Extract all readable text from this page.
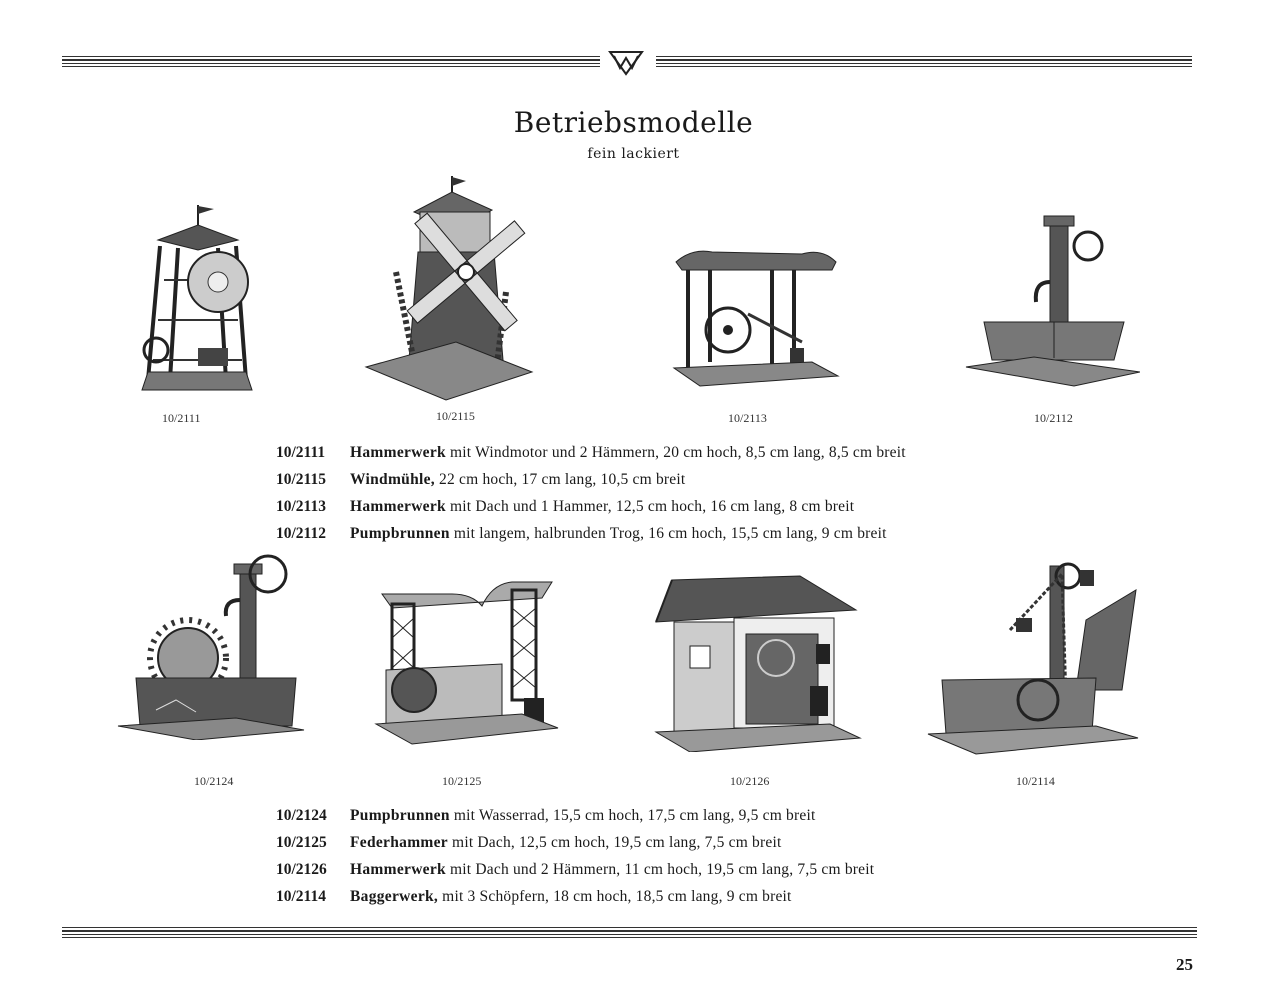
Betriebsmodelle
fein lackiert
10/2111	10/2115	10/2113	10/2112
10/2111 Hammerwerk mit Windmotor und 2 Hämmern, 20 cm hoch, 8,5 cm lang, 8,5 cm breit
10/2115 Windmühle, 22 cm hoch, 17 cm lang, 10,5 cm breit
10/2113 Hammerwerk mit Dach und 1 Hammer, 12,5 cm hoch, 16 cm lang, 8 cm breit
10/2112 Pumpbrunnen mit langem, halbrunden Trog, 16 cm hoch, 15,5 cm lang, 9 cm breit
10/2124	10/2125	10/2126	10/2114
10/2124 Pumpbrunnen mit Wasserrad, 15,5 cm hoch, 17,5 cm lang, 9,5 cm breit
10/2125 Federhammer mit Dach, 12,5 cm hoch, 19,5 cm lang, 7,5 cm breit
10/2126 Hammerwerk mit Dach und 2 Hämmern, 11 cm hoch, 19,5 cm lang, 7,5 cm breit
10/2114 Baggerwerk, mit 3 Schöpfern, 18 cm hoch, 18,5 cm lang, 9 cm breit
25
